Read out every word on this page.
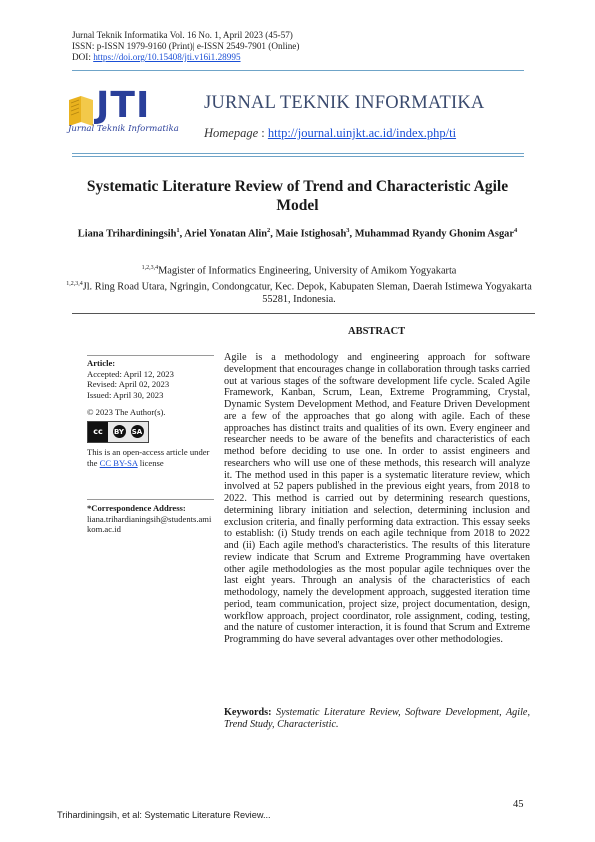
Jurnal Teknik Informatika Vol. 16 No. 1, April 2023 (45-57)
ISSN: p-ISSN 1979-9160 (Print)| e-ISSN 2549-7901 (Online)
DOI: https://doi.org/10.15408/jti.v16i1.28995
JTI
Jurnal Teknik Informatika
JURNAL TEKNIK INFORMATIKA
Homepage : http://journal.uinjkt.ac.id/index.php/ti
Systematic Literature Review of Trend and Characteristic Agile Model
Liana Trihardiningsih$^1$, Ariel Yonatan Alin$^2$, Maie Istighosah$^3$, Muhammad Ryandy Ghonim Asgar$^4$
$^{1,2,3,4}$Magister of Informatics Engineering, University of Amikom Yogyakarta
$^{1,2,3,4}$Jl. Ring Road Utara, Ngringin, Condongcatur, Kec. Depok, Kabupaten Sleman, Daerah Istimewa Yogyakarta 55281, Indonesia.
ABSTRACT
Article:
Accepted: April 12, 2023
Revised: April 02, 2023
Issued: April 30, 2023
© 2023 The Author(s).
cc	BY SA
This is an open-access article under the CC BY-SA license
*Correspondence Address:
liana.trihardianingsih@students.amikom.ac.id
Agile is a methodology and engineering approach for software development that encourages change in collaboration through tasks carried out at various stages of the software development life cycle. Scaled Agile Framework, Kanban, Scrum, Lean, Extreme Programming, Crystal, Dynamic System Development Method, and Feature Driven Development are a few of the approaches that go along with agile. Each of these approaches has distinct traits and qualities of its own. Every engineer and researcher needs to be aware of the benefits and characteristics of each method before deciding to use one. In order to assist engineers and researchers who will use one of these methods, this research will analyze it. The method used in this paper is a systematic literature review, which involved at 52 papers published in the previous eight years, from 2018 to 2022. This method is carried out by determining research questions, determining library initiation and selection, determining inclusion and exclusion criteria, and finally performing data extraction. This essay seeks to establish: (i) Study trends on each agile technique from 2018 to 2022 and (ii) Each agile method's characteristics. The results of this literature review indicate that Scrum and Extreme Programming have overtaken other agile methodologies as the most popular agile techniques over the last eight years. Through an analysis of the characteristics of each methodology, namely the development approach, suggested iteration time period, team communication, project size, project documentation, design, workflow approach, project coordinator, role assignment, coding, testing, and the nature of customer interaction, it is found that Scrum and Extreme Programming do have several advantages over other methodologies.
Keywords: Systematic Literature Review, Software Development, Agile, Trend Study, Characteristic.
45
Trihardiningsih, et al: Systematic Literature Review...
